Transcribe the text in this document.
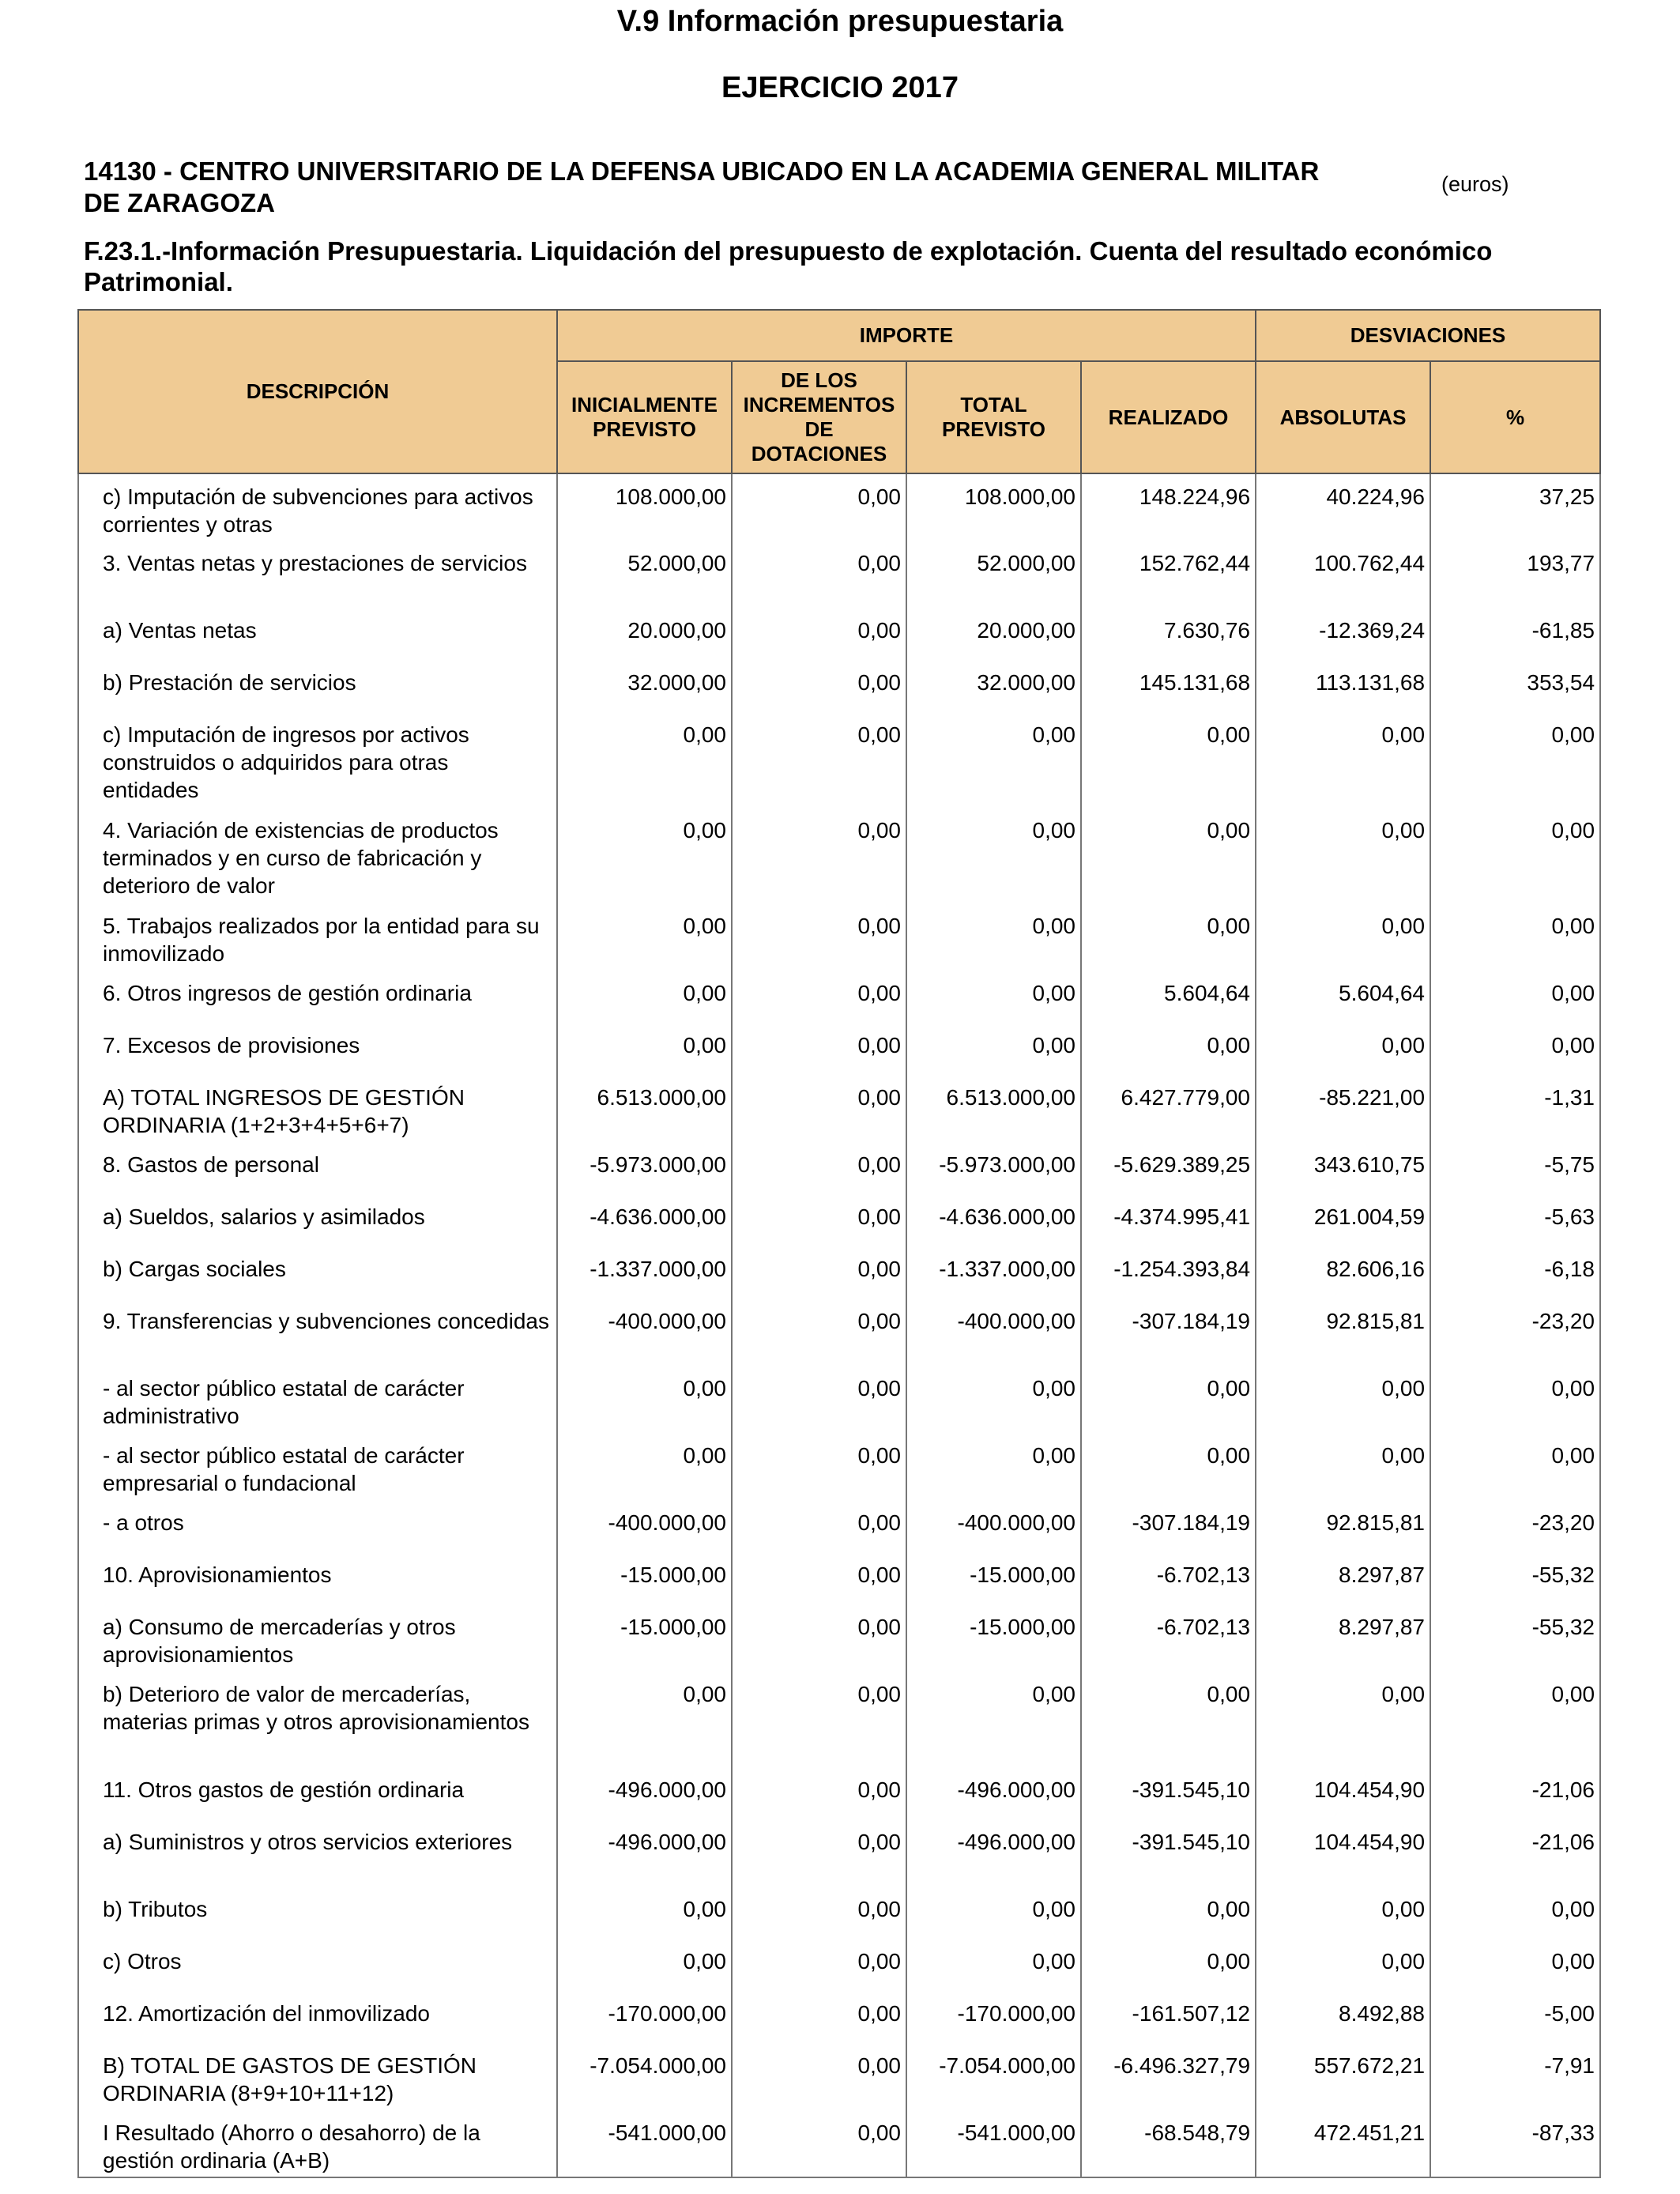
V.9 Información presupuestaria
EJERCICIO 2017
14130 - CENTRO UNIVERSITARIO DE LA DEFENSA UBICADO EN LA ACADEMIA GENERAL MILITAR DE ZARAGOZA
(euros)
F.23.1.-Información Presupuestaria. Liquidación del presupuesto de explotación. Cuenta del resultado económico Patrimonial.
DESCRIPCIÓN	IMPORTE				DESVIACIONES	
	INICIALMENTE PREVISTO	DE LOS INCREMENTOS DE DOTACIONES	TOTAL PREVISTO	REALIZADO	ABSOLUTAS	%
c) Imputación de subvenciones para activos corrientes y otras	108.000,00	0,00	108.000,00	148.224,96	40.224,96	37,25
3. Ventas netas y prestaciones de servicios	52.000,00	0,00	52.000,00	152.762,44	100.762,44	193,77
a) Ventas netas	20.000,00	0,00	20.000,00	7.630,76	-12.369,24	-61,85
b) Prestación de servicios	32.000,00	0,00	32.000,00	145.131,68	113.131,68	353,54
c) Imputación de ingresos por activos construidos o adquiridos para otras entidades	0,00	0,00	0,00	0,00	0,00	0,00
4. Variación de existencias de productos terminados y en curso de fabricación y deterioro de valor	0,00	0,00	0,00	0,00	0,00	0,00
5. Trabajos realizados por la entidad para su inmovilizado	0,00	0,00	0,00	0,00	0,00	0,00
6. Otros ingresos de gestión ordinaria	0,00	0,00	0,00	5.604,64	5.604,64	0,00
7. Excesos de provisiones	0,00	0,00	0,00	0,00	0,00	0,00
A) TOTAL INGRESOS DE GESTIÓN ORDINARIA (1+2+3+4+5+6+7)	6.513.000,00	0,00	6.513.000,00	6.427.779,00	-85.221,00	-1,31
8. Gastos de personal	-5.973.000,00	0,00	-5.973.000,00	-5.629.389,25	343.610,75	-5,75
a) Sueldos, salarios y asimilados	-4.636.000,00	0,00	-4.636.000,00	-4.374.995,41	261.004,59	-5,63
b) Cargas sociales	-1.337.000,00	0,00	-1.337.000,00	-1.254.393,84	82.606,16	-6,18
9. Transferencias y subvenciones concedidas	-400.000,00	0,00	-400.000,00	-307.184,19	92.815,81	-23,20
- al sector público estatal de carácter administrativo	0,00	0,00	0,00	0,00	0,00	0,00
- al sector público estatal de carácter empresarial o fundacional	0,00	0,00	0,00	0,00	0,00	0,00
- a otros	-400.000,00	0,00	-400.000,00	-307.184,19	92.815,81	-23,20
10. Aprovisionamientos	-15.000,00	0,00	-15.000,00	-6.702,13	8.297,87	-55,32
a) Consumo de mercaderías y otros aprovisionamientos	-15.000,00	0,00	-15.000,00	-6.702,13	8.297,87	-55,32
b) Deterioro de valor de mercaderías, materias primas y otros aprovisionamientos	0,00	0,00	0,00	0,00	0,00	0,00
11. Otros gastos de gestión ordinaria	-496.000,00	0,00	-496.000,00	-391.545,10	104.454,90	-21,06
a) Suministros y otros servicios exteriores	-496.000,00	0,00	-496.000,00	-391.545,10	104.454,90	-21,06
b) Tributos	0,00	0,00	0,00	0,00	0,00	0,00
c) Otros	0,00	0,00	0,00	0,00	0,00	0,00
12. Amortización del inmovilizado	-170.000,00	0,00	-170.000,00	-161.507,12	8.492,88	-5,00
B) TOTAL DE GASTOS DE GESTIÓN ORDINARIA (8+9+10+11+12)	-7.054.000,00	0,00	-7.054.000,00	-6.496.327,79	557.672,21	-7,91
I Resultado (Ahorro o desahorro) de la gestión ordinaria (A+B)	-541.000,00	0,00	-541.000,00	-68.548,79	472.451,21	-87,33
